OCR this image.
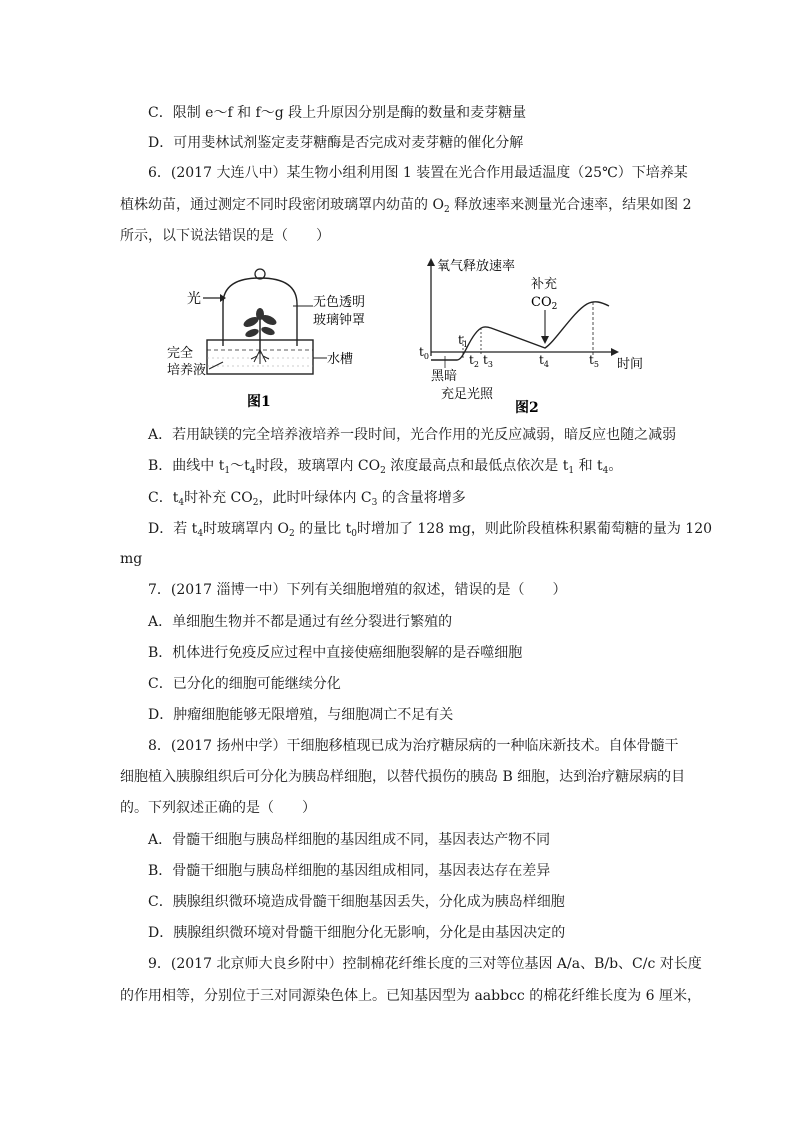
C．限制 e～f 和 f～g 段上升原因分别是酶的数量和麦芽糖量
D．可用斐林试剂鉴定麦芽糖酶是否完成对麦芽糖的催化分解
6．(2017 大连八中）某生物小组利用图 1 装置在光合作用最适温度（25℃）下培养某
植株幼苗，通过测定不同时段密闭玻璃罩内幼苗的 $O_2$ 释放速率来测量光合速率，结果如图 2
所示，以下说法错误的是（　　）
光	无色透明
玻璃钟罩
完全
培养液
水槽
图1
氧气释放速率
时间
补充
$CO_2$
$t_0$
$t_1$
$t_2$ $t_3$	$t_4$	$t_5$
黑暗
充足光照
图2
A．若用缺镁的完全培养液培养一段时间，光合作用的光反应减弱，暗反应也随之减弱
B．曲线中 $t_1\sim t_4$时段，玻璃罩内 $CO_2$ 浓度最高点和最低点依次是 $t_1$ 和 $t_4$。
C．$t_4$时补充 $CO_2$，此时叶绿体内 $C_3$ 的含量将增多
D．若 $t_4$时玻璃罩内 $O_2$ 的量比 $t_0$时增加了 128 mg，则此阶段植株积累葡萄糖的量为 120
mg
7．(2017 淄博一中）下列有关细胞增殖的叙述，错误的是（　　）
A．单细胞生物并不都是通过有丝分裂进行繁殖的
B．机体进行免疫反应过程中直接使癌细胞裂解的是吞噬细胞
C．已分化的细胞可能继续分化
D．肿瘤细胞能够无限增殖，与细胞凋亡不足有关
8．(2017 扬州中学）干细胞移植现已成为治疗糖尿病的一种临床新技术。自体骨髓干
细胞植入胰腺组织后可分化为胰岛样细胞，以替代损伤的胰岛 B 细胞，达到治疗糖尿病的目
的。下列叙述正确的是（　　）
A．骨髓干细胞与胰岛样细胞的基因组成不同，基因表达产物不同
B．骨髓干细胞与胰岛样细胞的基因组成相同，基因表达存在差异
C．胰腺组织微环境造成骨髓干细胞基因丢失，分化成为胰岛样细胞
D．胰腺组织微环境对骨髓干细胞分化无影响，分化是由基因决定的
9．(2017 北京师大良乡附中）控制棉花纤维长度的三对等位基因 A/a、B/b、C/c 对长度
的作用相等，分别位于三对同源染色体上。已知基因型为 aabbcc 的棉花纤维长度为 6 厘米，
